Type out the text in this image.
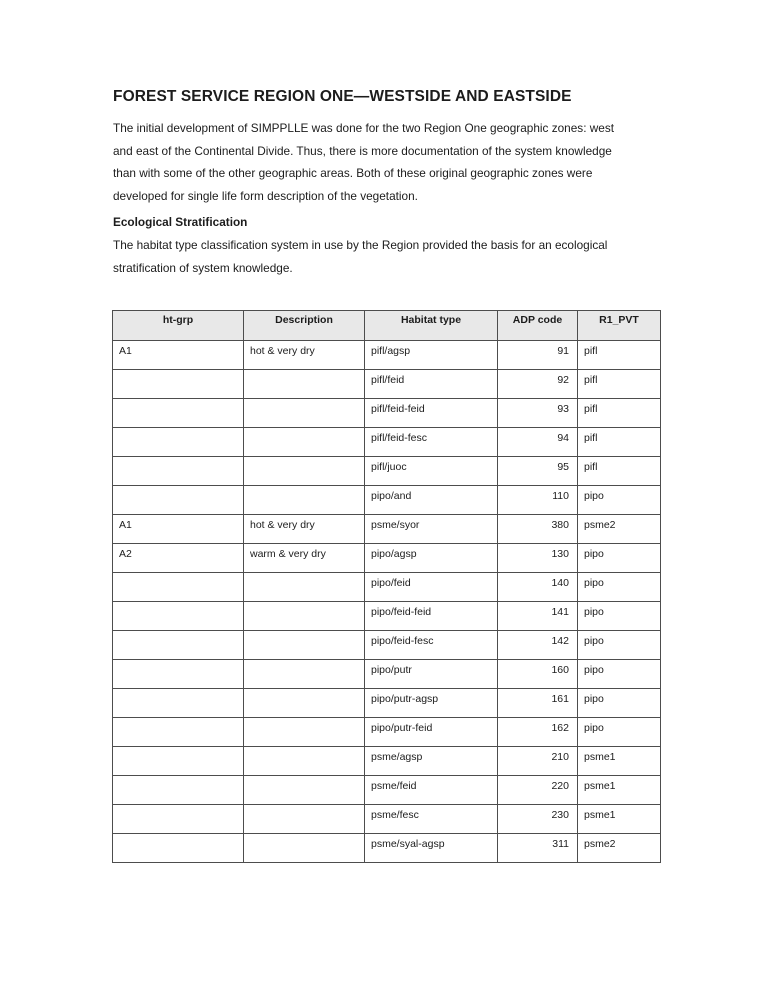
FOREST SERVICE REGION ONE—WESTSIDE AND EASTSIDE
The initial development of SIMPPLLE was done for the two Region One geographic zones: west
and east of the Continental Divide. Thus, there is more documentation of the system knowledge
than with some of the other geographic areas. Both of these original geographic zones were
developed for single life form description of the vegetation.
Ecological Stratification
The habitat type classification system in use by the Region provided the basis for an ecological
stratification of system knowledge.
ht-grp	Description	Habitat type	ADP code	R1_PVT
A1	hot & very dry	pifl/agsp	91	pifl
		pifl/feid	92	pifl
		pifl/feid-feid	93	pifl
		pifl/feid-fesc	94	pifl
		pifl/juoc	95	pifl
		pipo/and	110	pipo
A1	hot & very dry	psme/syor	380	psme2
A2	warm & very dry	pipo/agsp	130	pipo
		pipo/feid	140	pipo
		pipo/feid-feid	141	pipo
		pipo/feid-fesc	142	pipo
		pipo/putr	160	pipo
		pipo/putr-agsp	161	pipo
		pipo/putr-feid	162	pipo
		psme/agsp	210	psme1
		psme/feid	220	psme1
		psme/fesc	230	psme1
		psme/syal-agsp	311	psme2
